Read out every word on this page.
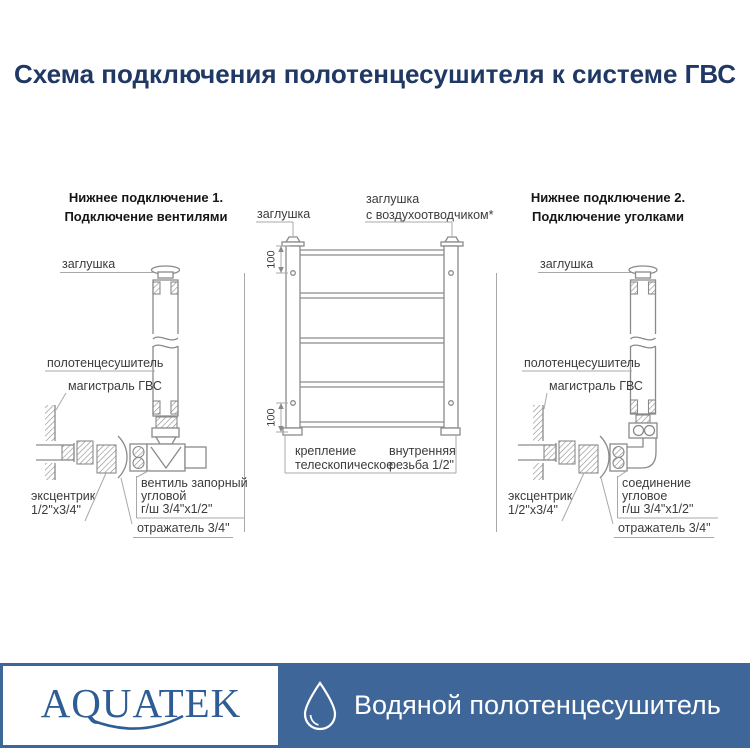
Схема подключения полотенцесушителя к системе ГВС
Нижнее подключение 1.
Подключение вентилями
заглушка
полотенцесушитель
магистраль ГВС
эксцентрик
1/2"x3/4"
вентиль запорный
угловой
г/ш 3/4"x1/2"
отражатель 3/4"
заглушка
заглушка
с воздухоотводчиком*
100
100
крепление
телескопическое
внутренняя
резьба 1/2"
Нижнее подключение 2.
Подключение уголками
заглушка
полотенцесушитель
магистраль ГВС
эксцентрик
1/2"x3/4"
соединение
угловое
г/ш 3/4"x1/2"
отражатель 3/4"
AQUATEK	Водяной полотенцесушитель
